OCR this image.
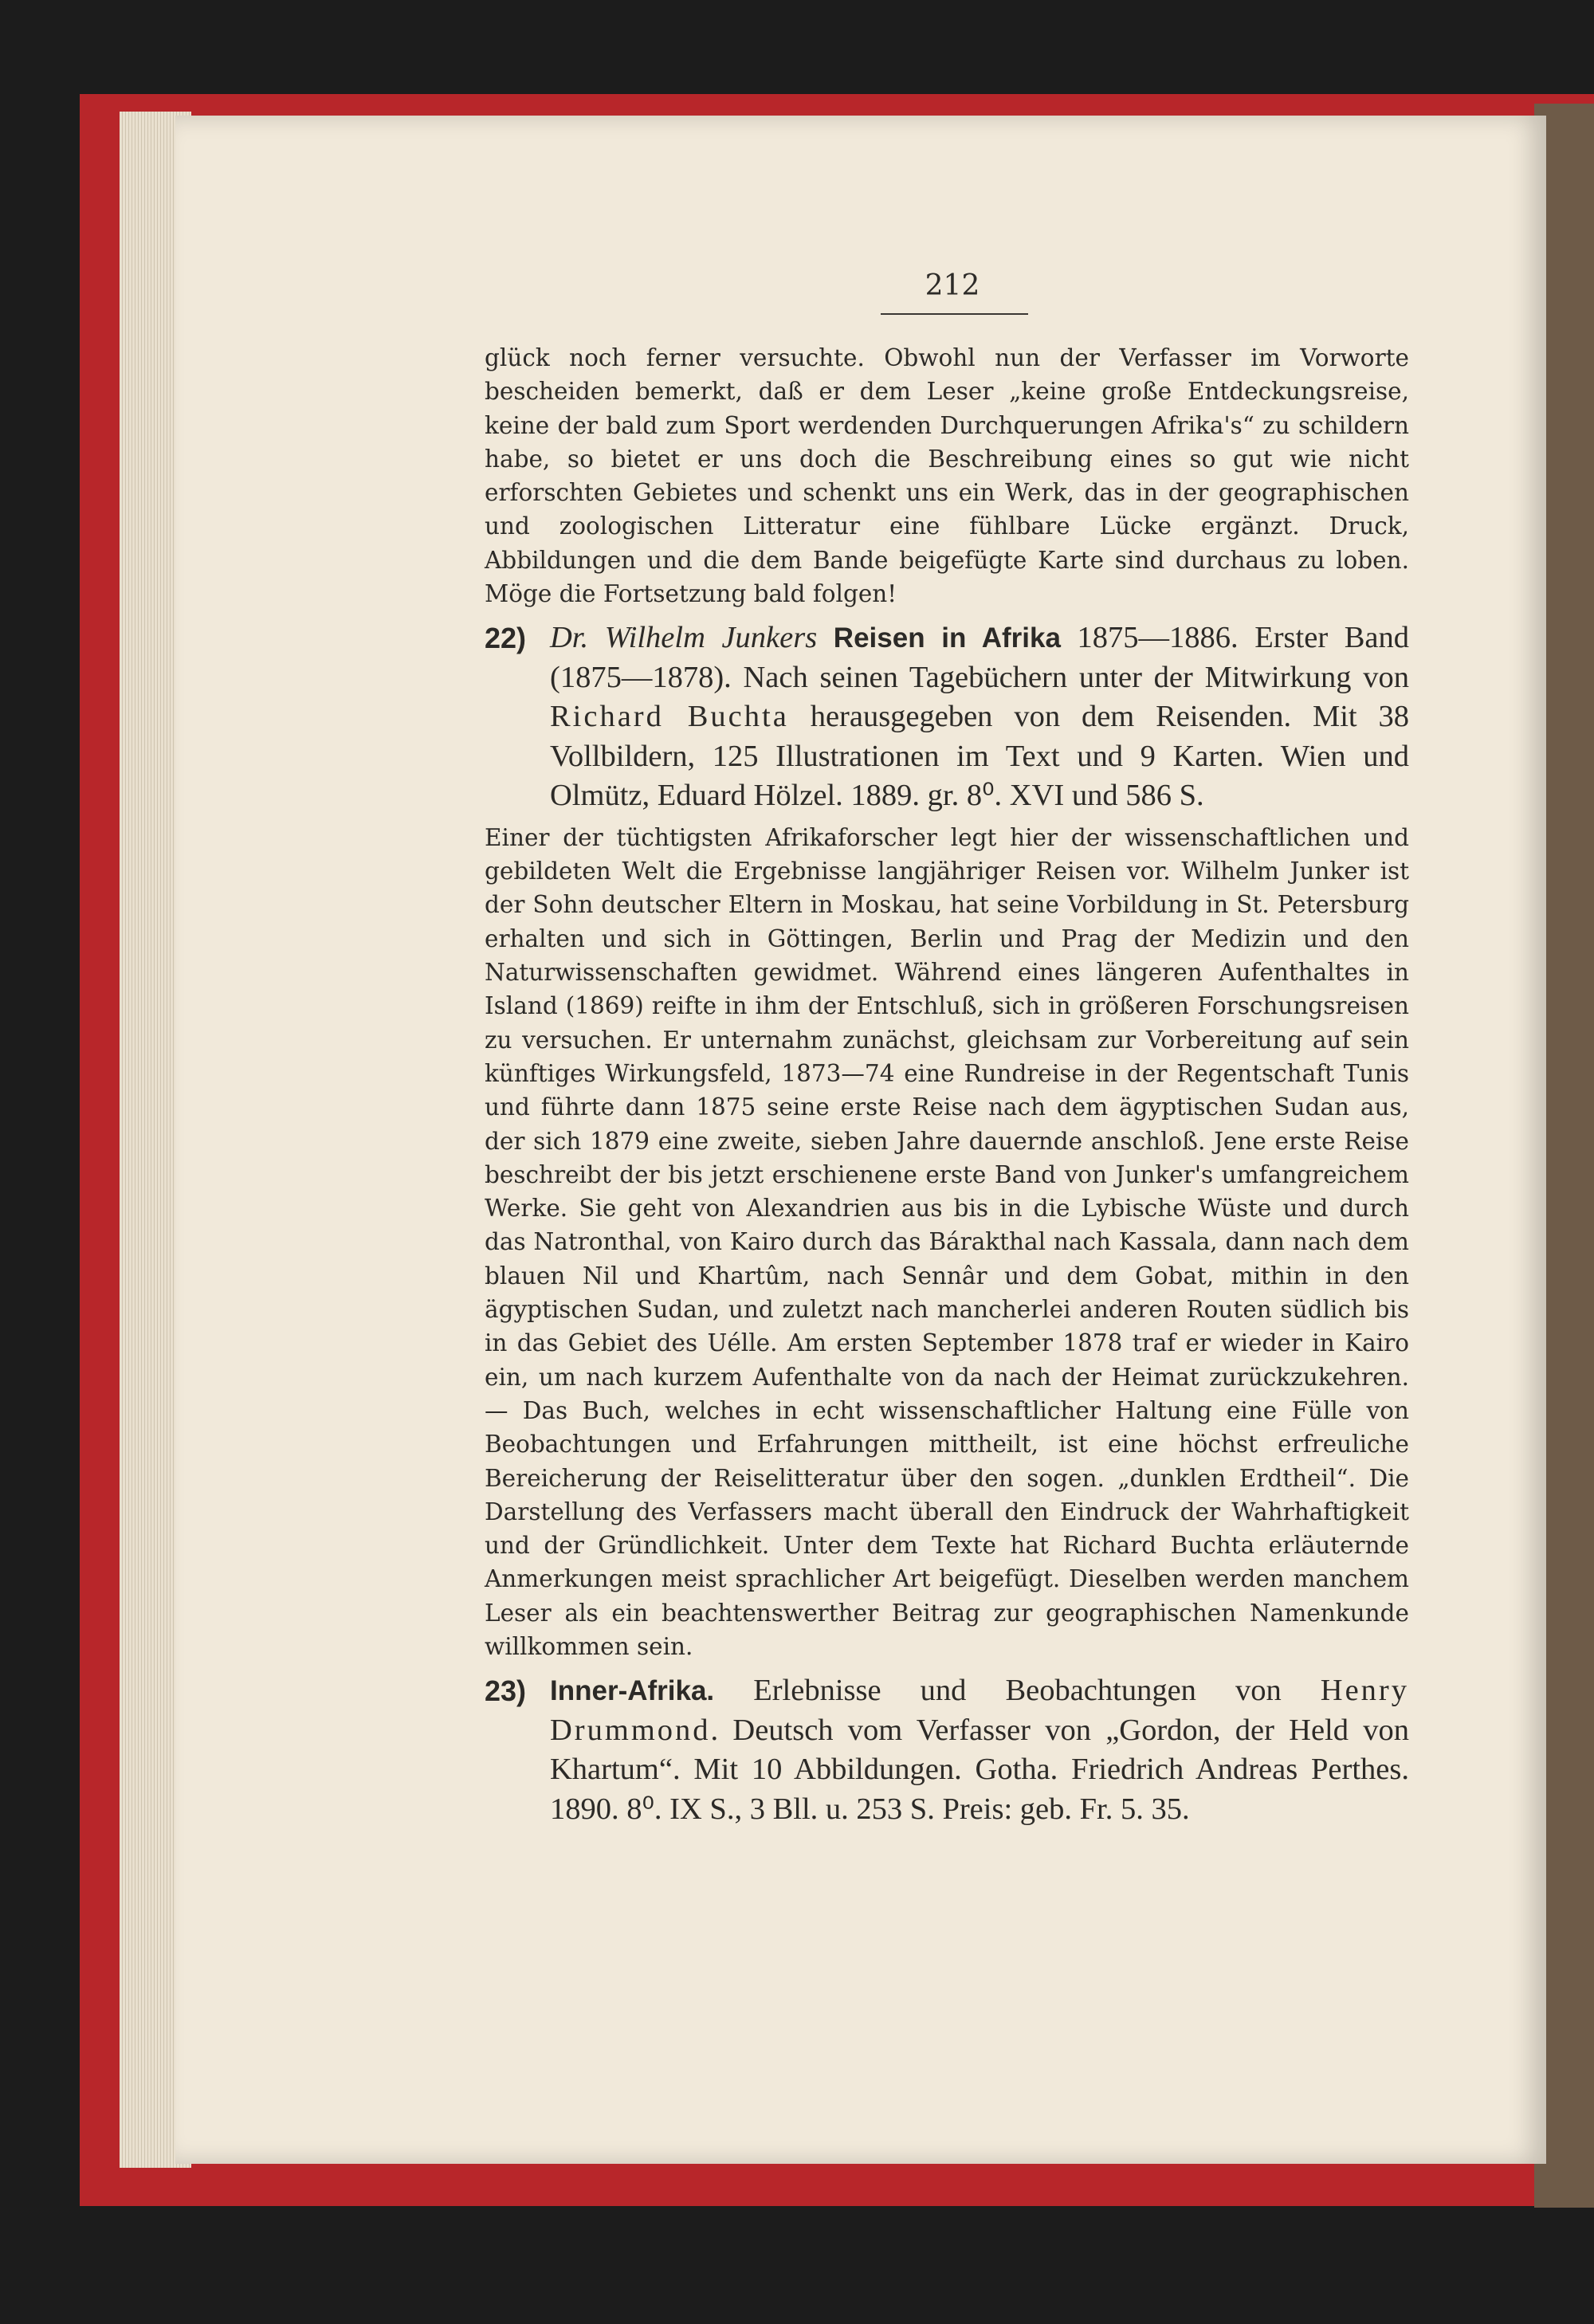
212

glück noch ferner versuchte. Obwohl nun der Verfasser im Vorworte bescheiden bemerkt, daß er dem Leser „keine große Entdeckungsreise, keine der bald zum Sport werdenden Durchquerungen Afrika's“ zu schildern habe, so bietet er uns doch die Beschreibung eines so gut wie nicht erforschten Gebietes und schenkt uns ein Werk, das in der geographischen und zoologischen Litteratur eine fühlbare Lücke ergänzt. Druck, Abbildungen und die dem Bande beigefügte Karte sind durchaus zu loben. Möge die Fortsetzung bald folgen!

22) Dr. Wilhelm Junkers Reisen in Afrika 1875—1886. Erster Band (1875—1878). Nach seinen Tagebüchern unter der Mitwirkung von Richard Buchta herausgegeben von dem Reisenden. Mit 38 Vollbildern, 125 Illustrationen im Text und 9 Karten. Wien und Olmütz, Eduard Hölzel. 1889. gr. 8⁰. XVI und 586 S.

Einer der tüchtigsten Afrikaforscher legt hier der wissenschaftlichen und gebildeten Welt die Ergebnisse langjähriger Reisen vor. Wilhelm Junker ist der Sohn deutscher Eltern in Moskau, hat seine Vorbildung in St. Petersburg erhalten und sich in Göttingen, Berlin und Prag der Medizin und den Naturwissenschaften gewidmet. Während eines längeren Aufenthaltes in Island (1869) reifte in ihm der Entschluß, sich in größeren Forschungsreisen zu versuchen. Er unternahm zunächst, gleichsam zur Vorbereitung auf sein künftiges Wirkungsfeld, 1873—74 eine Rundreise in der Regentschaft Tunis und führte dann 1875 seine erste Reise nach dem ägyptischen Sudan aus, der sich 1879 eine zweite, sieben Jahre dauernde anschloß. Jene erste Reise beschreibt der bis jetzt erschienene erste Band von Junker's umfangreichem Werke. Sie geht von Alexandrien aus bis in die Lybische Wüste und durch das Natronthal, von Kairo durch das Bárakthal nach Kassala, dann nach dem blauen Nil und Khartûm, nach Sennâr und dem Gobat, mithin in den ägyptischen Sudan, und zuletzt nach mancherlei anderen Routen südlich bis in das Gebiet des Uélle. Am ersten September 1878 traf er wieder in Kairo ein, um nach kurzem Aufenthalte von da nach der Heimat zurückzukehren. — Das Buch, welches in echt wissenschaftlicher Haltung eine Fülle von Beobachtungen und Erfahrungen mittheilt, ist eine höchst erfreuliche Bereicherung der Reiselitteratur über den sogen. „dunklen Erdtheil“. Die Darstellung des Verfassers macht überall den Eindruck der Wahrhaftigkeit und der Gründlichkeit. Unter dem Texte hat Richard Buchta erläuternde Anmerkungen meist sprachlicher Art beigefügt. Dieselben werden manchem Leser als ein beachtenswerther Beitrag zur geographischen Namenkunde willkommen sein.

23) Inner-Afrika. Erlebnisse und Beobachtungen von Henry Drummond. Deutsch vom Verfasser von „Gordon, der Held von Khartum“. Mit 10 Abbildungen. Gotha. Friedrich Andreas Perthes. 1890. 8⁰. IX S., 3 Bll. u. 253 S. Preis: geb. Fr. 5. 35.
